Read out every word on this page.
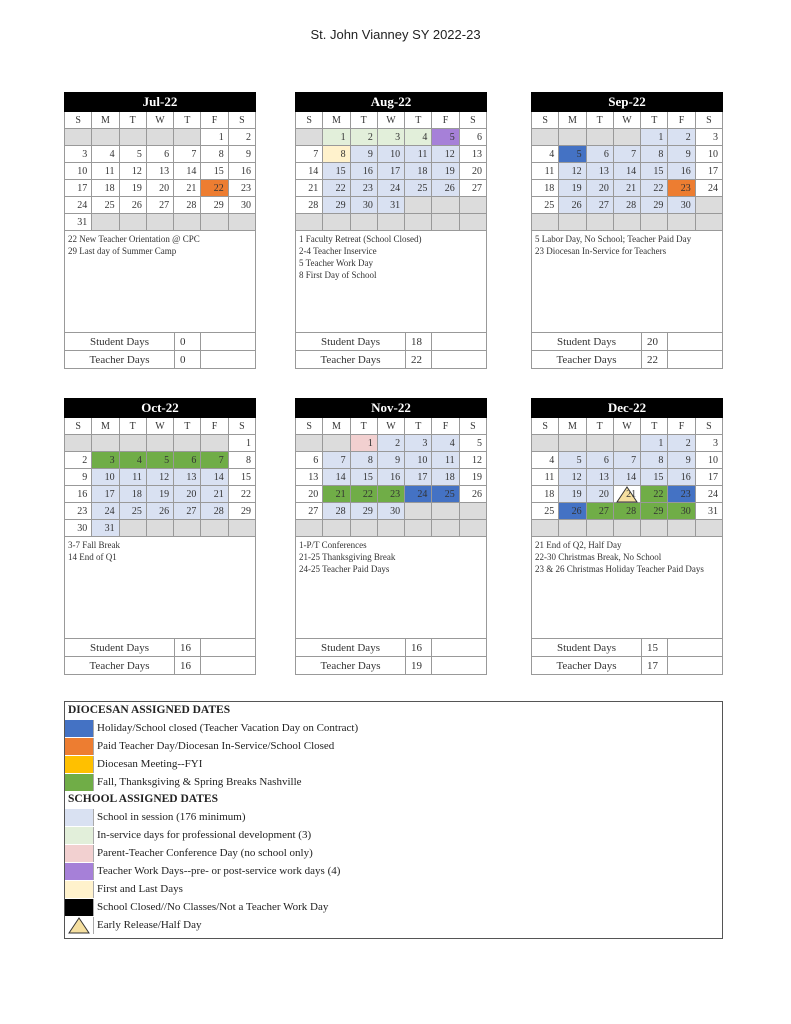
St. John Vianney SY 2022-23
Jul-22						
S	M	T	W	T	F	S
					1	2
3	4	5	6	7	8	9
10	11	12	13	14	15	16
17	18	19	20	21	22	23
24	25	26	27	28	29	30
31						
22 New Teacher Orientation @ CPC
29 Last day of Summer Camp
Student Days	0	
Teacher Days	0	
Aug-22						
S	M	T	W	T	F	S
	1	2	3	4	5	6
7	8	9	10	11	12	13
14	15	16	17	18	19	20
21	22	23	24	25	26	27
28	29	30	31			

1 Faculty Retreat (School Closed)
2-4 Teacher Inservice
5 Teacher Work Day
8 First Day of School
Student Days	18	
Teacher Days	22	
Sep-22						
S	M	T	W	T	F	S
				1	2	3
4	5	6	7	8	9	10
11	12	13	14	15	16	17
18	19	20	21	22	23	24
25	26	27	28	29	30	

5 Labor Day, No School; Teacher Paid Day
23 Diocesan In-Service for Teachers
Student Days	20	
Teacher Days	22	
Oct-22						
S	M	T	W	T	F	S
						1
2	3	4	5	6	7	8
9	10	11	12	13	14	15
16	17	18	19	20	21	22
23	24	25	26	27	28	29
30	31					
3-7 Fall Break
14 End of Q1
Student Days	16	
Teacher Days	16	
Nov-22						
S	M	T	W	T	F	S
		1	2	3	4	5
6	7	8	9	10	11	12
13	14	15	16	17	18	19
20	21	22	23	24	25	26
27	28	29	30			

1-P/T Conferences
21-25 Thanksgiving Break
24-25 Teacher Paid Days
Student Days	16	
Teacher Days	19	
Dec-22						
S	M	T	W	T	F	S
				1	2	3
4	5	6	7	8	9	10
11	12	13	14	15	16	17
18	19	20	21	22	23	24
25	26	27	28	29	30	31

21 End of Q2, Half Day
22-30 Christmas Break, No School
23 & 26 Christmas Holiday Teacher Paid Days
Student Days	15	
Teacher Days	17	
DIOCESAN ASSIGNED DATES
Holiday/School closed (Teacher Vacation Day on Contract)
Paid Teacher Day/Diocesan In-Service/School Closed
Diocesan Meeting--FYI
Fall, Thanksgiving & Spring Breaks Nashville
SCHOOL ASSIGNED DATES
School in session (176 minimum)
In-service days for professional development (3)
Parent-Teacher Conference Day (no school only)
Teacher Work Days--pre- or post-service work days (4)
First and Last Days
School Closed//No Classes/Not a Teacher Work Day
Early Release/Half Day
